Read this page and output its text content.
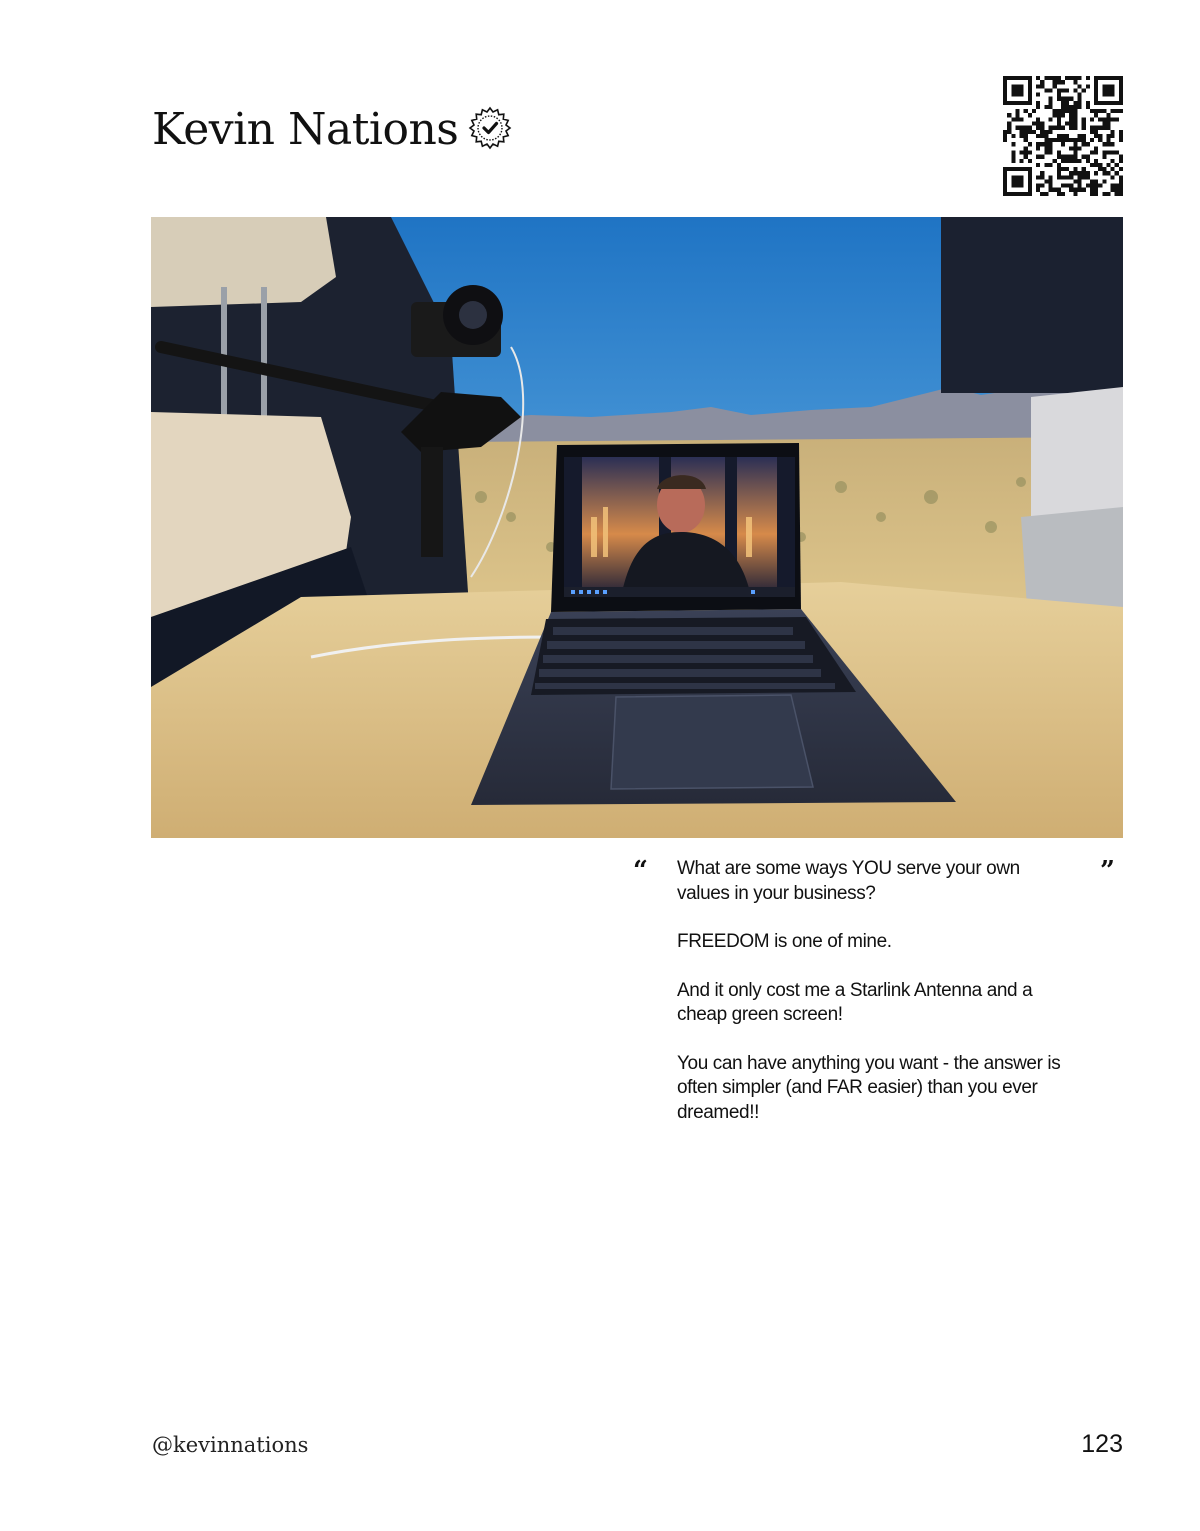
Kevin Nations
“	”

What are some ways YOU serve your own values in your business?

FREEDOM is one of mine.

And it only cost me a Starlink Antenna and a cheap green screen!

You can have anything you want - the answer is often simpler (and FAR easier) than you ever dreamed!!

@kevinnations	123
